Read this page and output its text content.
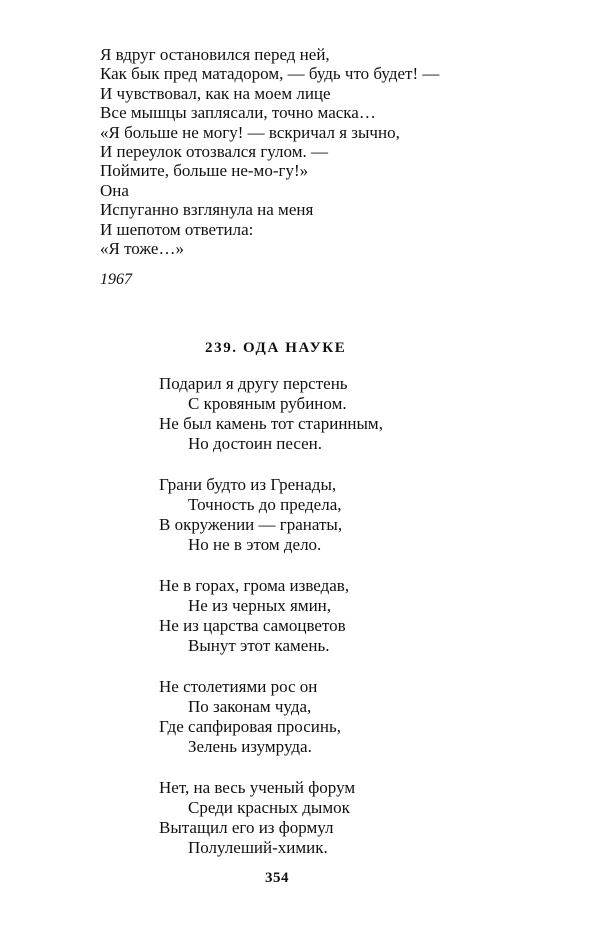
Я вдруг остановился перед ней,
Как бык пред матадором, — будь что будет! —
И чувствовал, как на моем лице
Все мышцы заплясали, точно маска…
«Я больше не могу! — вскричал я зычно,
И переулок отозвался гулом. —
Поймите, больше не-мо-гу!»
Она
Испуганно взглянула на меня
И шепотом ответила:
«Я тоже…»
1967
239. ОДА НАУКЕ
Подарил я другу перстень
С кровяным рубином.
Не был камень тот старинным,
Но достоин песен.
Грани будто из Гренады,
Точность до предела,
В окружении — гранаты,
Но не в этом дело.
Не в горах, грома изведав,
Не из черных ямин,
Не из царства самоцветов
Вынут этот камень.
Не столетиями рос он
По законам чуда,
Где сапфировая просинь,
Зелень изумруда.
Нет, на весь ученый форум
Среди красных дымок
Вытащил его из формул
Полулеший-химик.
354
